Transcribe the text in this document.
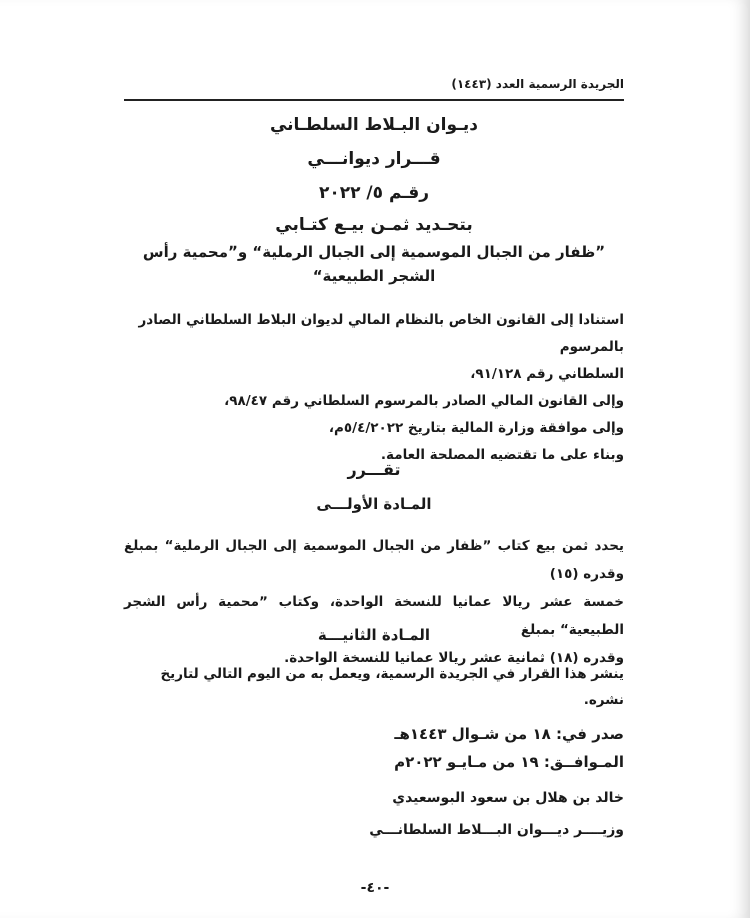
الجريدة الرسمية العدد (١٤٤٣)
ديـوان البـلاط السلطـاني
قـــرار ديوانـــي
رقـم ٥/ ٢٠٢٢
بتحـديد ثمـن بيـع كتـابي
ˮظفار من الجبال الموسمية إلى الجبال الرملية“ وˮمحمية رأس الشجر الطبيعية“

استنادا إلى القانون الخاص بالنظام المالي لديوان البلاط السلطاني الصادر بالمرسوم

السلطاني رقم ٩١/١٢٨،

وإلى القانون المالي الصادر بالمرسوم السلطاني رقم ٩٨/٤٧،

وإلى موافقة وزارة المالية بتاريخ ٥/٤/٢٠٢٢م،

وبناء على ما تقتضيه المصلحة العامة.

تقـــرر
المـادة الأولـــى

يحدد ثمن بيع كتاب ˮظفار من الجبال الموسمية إلى الجبال الرملية“ بمبلغ وقدره (١٥)

خمسة عشر ريالا عمانيا للنسخة الواحدة، وكتاب ˮمحمية رأس الشجر الطبيعية“ بمبلغ

وقدره (١٨) ثمانية عشر ريالا عمانيا للنسخة الواحدة.

المـادة الثانيـــة

ينشر هذا القرار في الجريدة الرسمية، ويعمل به من اليوم التالي لتاريخ نشره.

صدر في: ١٨ من شـوال ١٤٤٣هـ

المـوافــق: ١٩ من مـايـو ٢٠٢٢م

خالد بن هلال بن سعود البوسعيدي

وزيــــر ديـــوان البـــلاط السلطانـــي

-٤٠-
